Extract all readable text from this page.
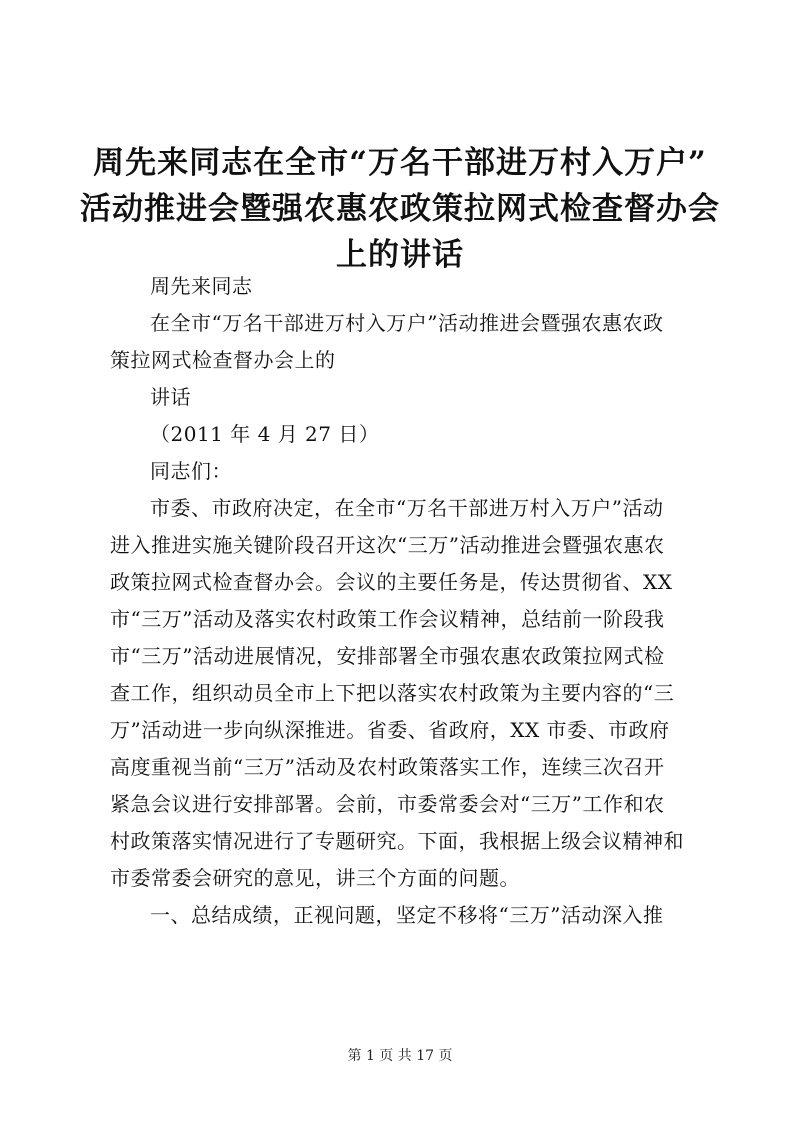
周先来同志在全市“万名干部进万村入万户”
活动推进会暨强农惠农政策拉网式检查督办会
上的讲话
周先来同志
在全市“万名干部进万村入万户”活动推进会暨强农惠农政
策拉网式检查督办会上的
讲话
（2011 年 4 月 27 日）
同志们：
市委、市政府决定，在全市“万名干部进万村入万户”活动
进入推进实施关键阶段召开这次“三万”活动推进会暨强农惠农
政策拉网式检查督办会。会议的主要任务是，传达贯彻省、XX
市“三万”活动及落实农村政策工作会议精神，总结前一阶段我
市“三万”活动进展情况，安排部署全市强农惠农政策拉网式检
查工作，组织动员全市上下把以落实农村政策为主要内容的“三
万”活动进一步向纵深推进。省委、省政府，XX 市委、市政府
高度重视当前“三万”活动及农村政策落实工作，连续三次召开
紧急会议进行安排部署。会前，市委常委会对“三万”工作和农
村政策落实情况进行了专题研究。下面，我根据上级会议精神和
市委常委会研究的意见，讲三个方面的问题。
一、总结成绩，正视问题，坚定不移将“三万”活动深入推
第 1 页 共 17 页
